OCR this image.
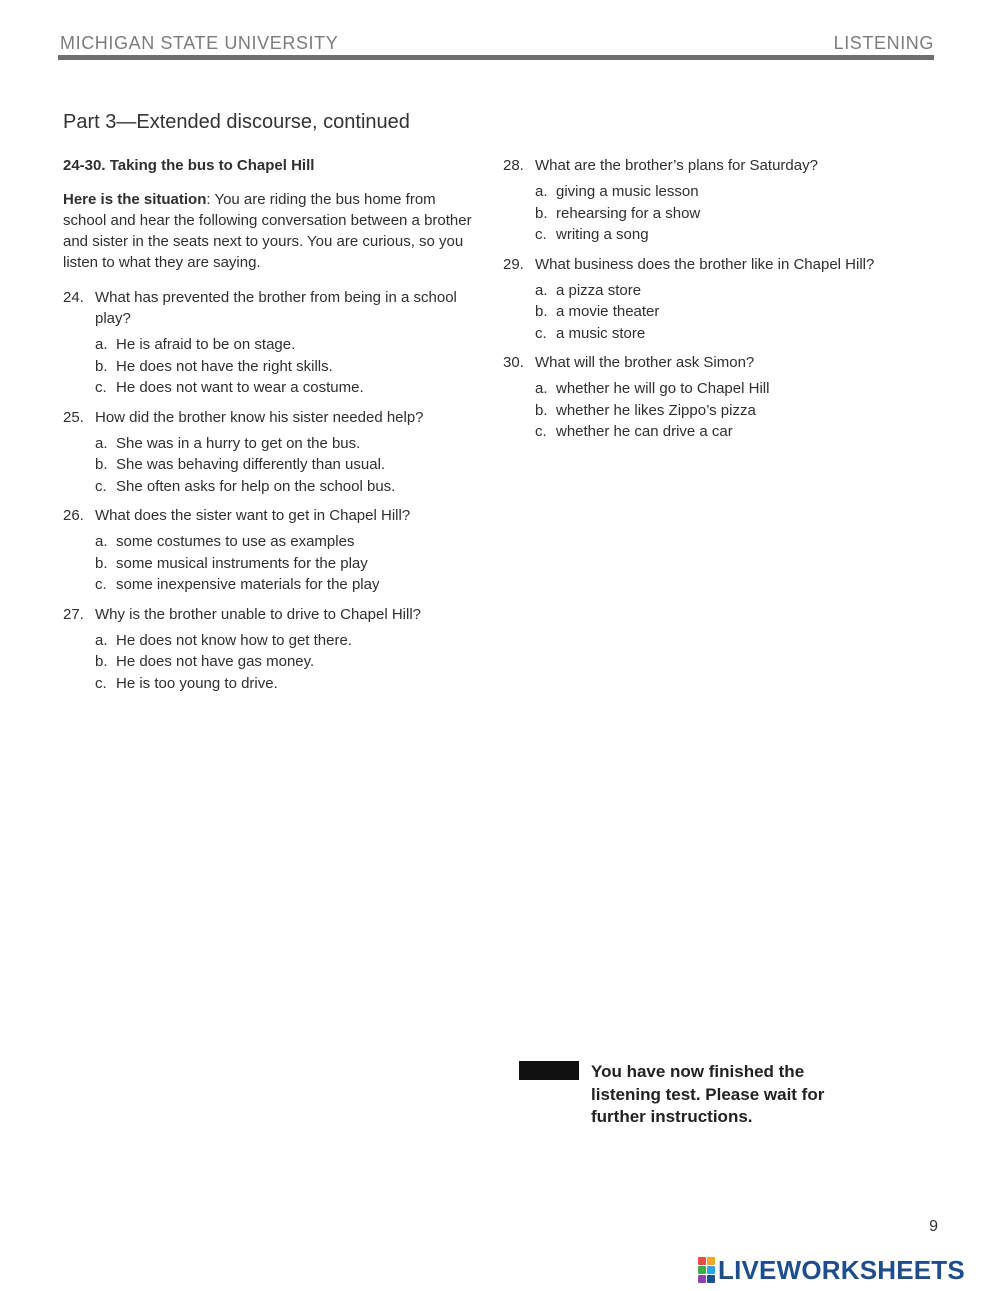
MICHIGAN STATE UNIVERSITY	LISTENING
Part 3—Extended discourse, continued
24-30. Taking the bus to Chapel Hill
Here is the situation: You are riding the bus home from school and hear the following conversation between a brother and sister in the seats next to yours. You are curious, so you listen to what they are saying.
24. What has prevented the brother from being in a school play?
a. He is afraid to be on stage.
b. He does not have the right skills.
c. He does not want to wear a costume.
25. How did the brother know his sister needed help?
a. She was in a hurry to get on the bus.
b. She was behaving differently than usual.
c. She often asks for help on the school bus.
26. What does the sister want to get in Chapel Hill?
a. some costumes to use as examples
b. some musical instruments for the play
c. some inexpensive materials for the play
27. Why is the brother unable to drive to Chapel Hill?
a. He does not know how to get there.
b. He does not have gas money.
c. He is too young to drive.
28. What are the brother’s plans for Saturday?
a. giving a music lesson
b. rehearsing for a show
c. writing a song
29. What business does the brother like in Chapel Hill?
a. a pizza store
b. a movie theater
c. a music store
30. What will the brother ask Simon?
a. whether he will go to Chapel Hill
b. whether he likes Zippo’s pizza
c. whether he can drive a car
You have now finished the listening test. Please wait for further instructions.
9
LIVEWORKSHEETS
